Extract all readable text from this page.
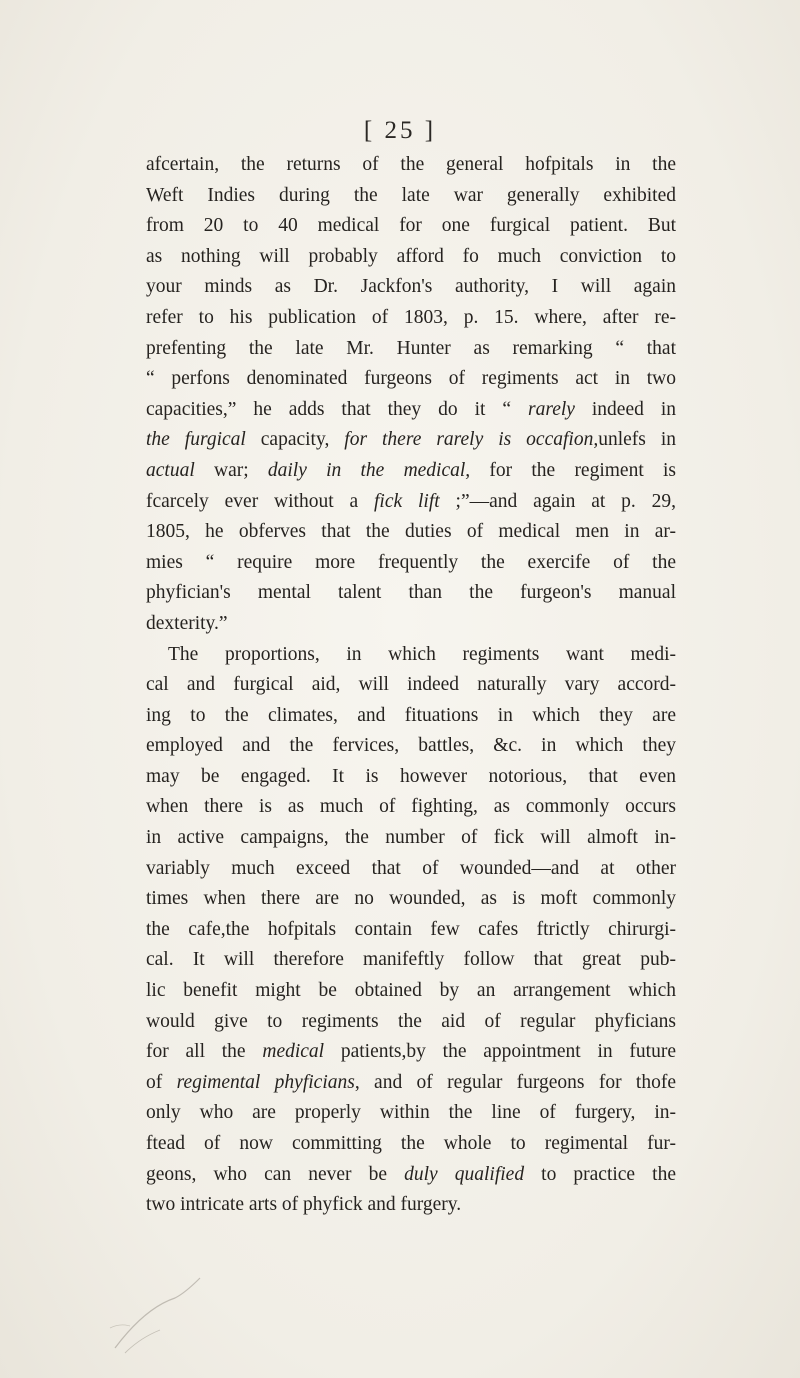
[ 25 ]
afcertain, the returns of the general hofpitals in the
Weft Indies during the late war generally exhibited
from 20 to 40 medical for one furgical patient. But
as nothing will probably afford fo much conviction to
your minds as Dr. Jackfon's authority, I will again
refer to his publication of 1803, p. 15. where, after re-
prefenting the late Mr. Hunter as remarking “ that
“ perfons denominated furgeons of regiments act in two
capacities,” he adds that they do it “ rarely indeed in
the furgical capacity, for there rarely is occafion,unlefs in
actual war; daily in the medical, for the regiment is
fcarcely ever without a fick lift ;”—and again at p. 29,
1805, he obferves that the duties of medical men in ar-
mies “ require more frequently the exercife of the
phyfician's mental talent than the furgeon's manual
dexterity.”
The proportions, in which regiments want medi-
cal and furgical aid, will indeed naturally vary accord-
ing to the climates, and fituations in which they are
employed and the fervices, battles, &c. in which they
may be engaged. It is however notorious, that even
when there is as much of fighting, as commonly occurs
in active campaigns, the number of fick will almoft in-
variably much exceed that of wounded—and at other
times when there are no wounded, as is moft commonly
the cafe,the hofpitals contain few cafes ftrictly chirurgi-
cal. It will therefore manifeftly follow that great pub-
lic benefit might be obtained by an arrangement which
would give to regiments the aid of regular phyficians
for all the medical patients,by the appointment in future
of regimental phyficians, and of regular furgeons for thofe
only who are properly within the line of furgery, in-
ftead of now committing the whole to regimental fur-
geons, who can never be duly qualified to practice the
two intricate arts of phyfick and furgery.
